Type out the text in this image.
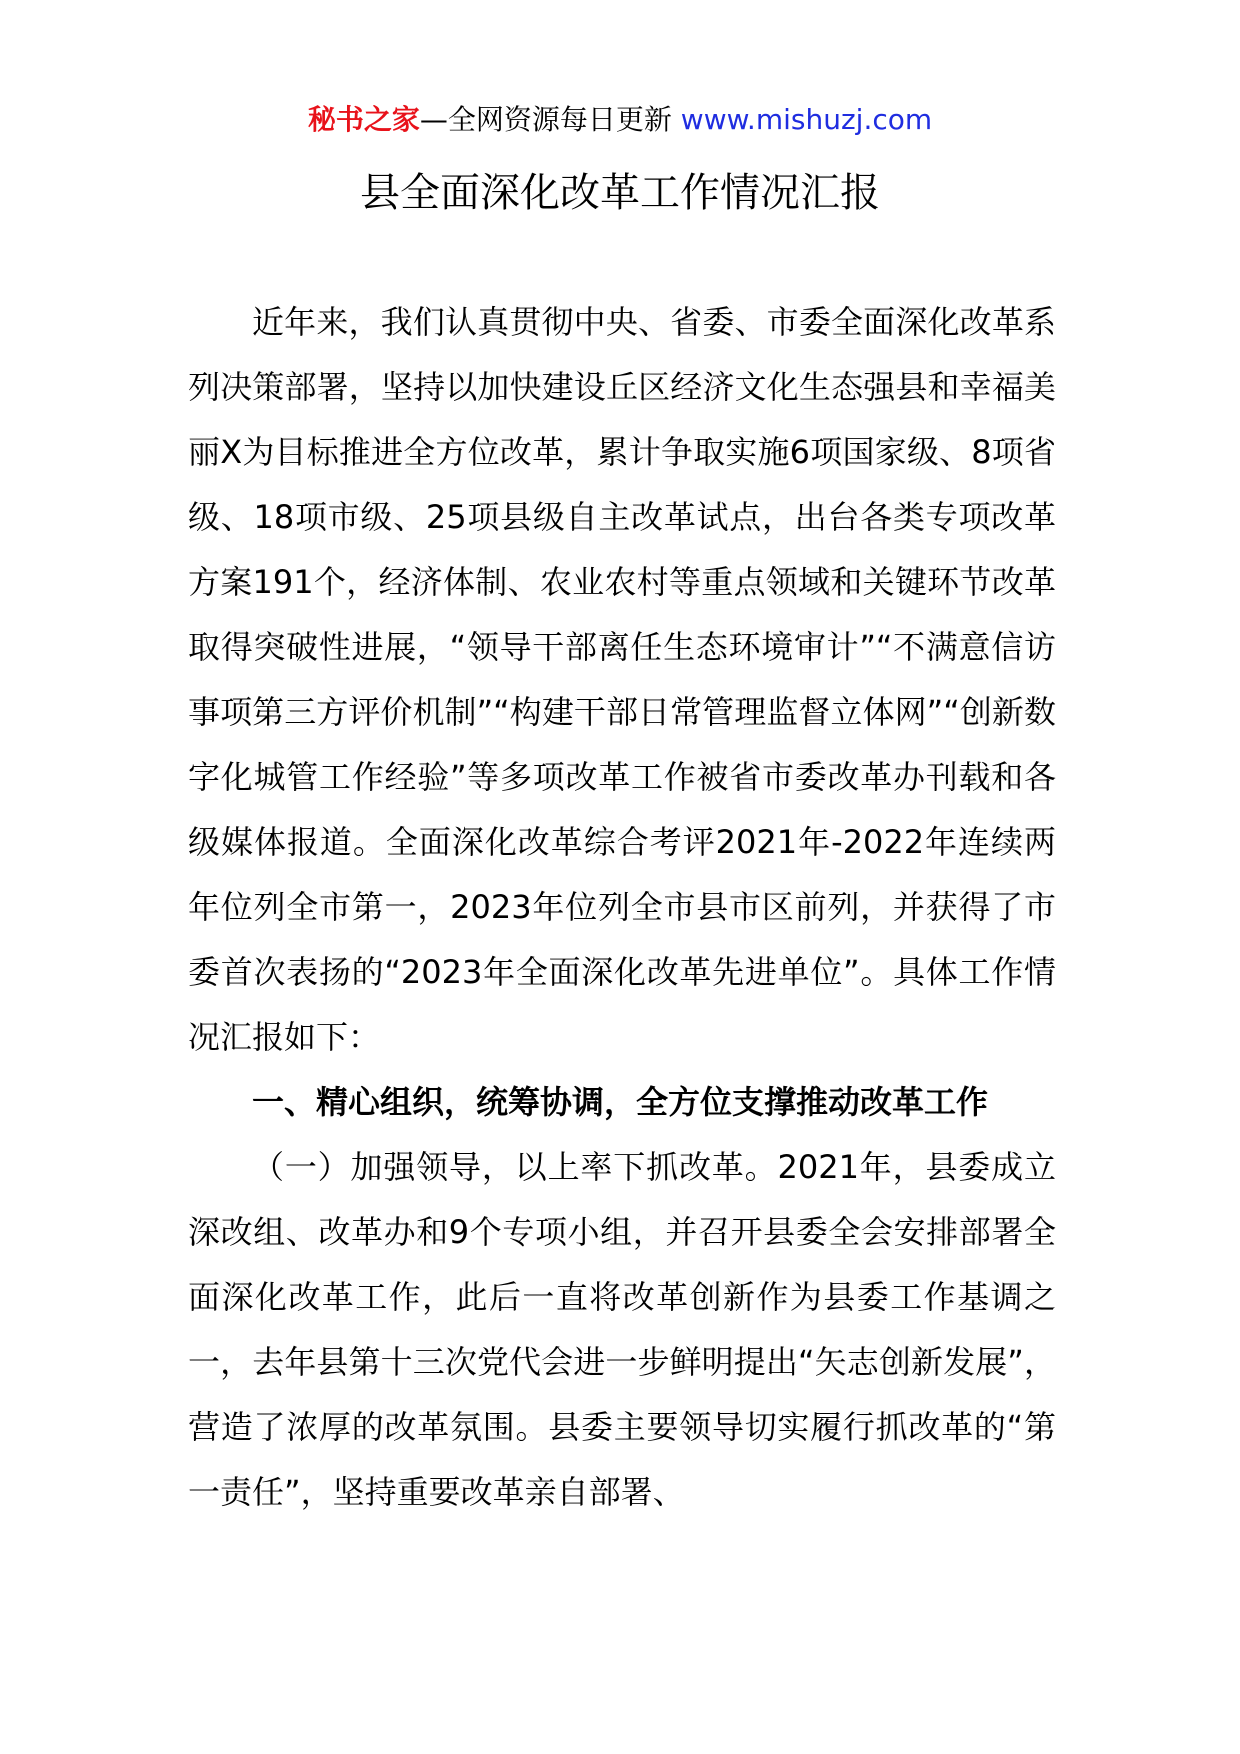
秘书之家—全网资源每日更新 www.mishuzj.com
县全面深化改革工作情况汇报

近年来，我们认真贯彻中央、省委、市委全面深化改革系列决策部署，坚持以加快建设丘区经济文化生态强县和幸福美丽X为目标推进全方位改革，累计争取实施6项国家级、8项省级、18项市级、25项县级自主改革试点，出台各类专项改革方案191个，经济体制、农业农村等重点领域和关键环节改革取得突破性进展，“领导干部离任生态环境审计”“不满意信访事项第三方评价机制”“构建干部日常管理监督立体网”“创新数字化城管工作经验”等多项改革工作被省市委改革办刊载和各级媒体报道。全面深化改革综合考评2021年-2022年连续两年位列全市第一，2023年位列全市县市区前列，并获得了市委首次表扬的“2023年全面深化改革先进单位”。具体工作情况汇报如下：

一、精心组织，统筹协调，全方位支撑推动改革工作

（一）加强领导，以上率下抓改革。2021年，县委成立深改组、改革办和9个专项小组，并召开县委全会安排部署全面深化改革工作，此后一直将改革创新作为县委工作基调之一，去年县第十三次党代会进一步鲜明提出“矢志创新发展”，营造了浓厚的改革氛围。县委主要领导切实履行抓改革的“第一责任”，坚持重要改革亲自部署、
